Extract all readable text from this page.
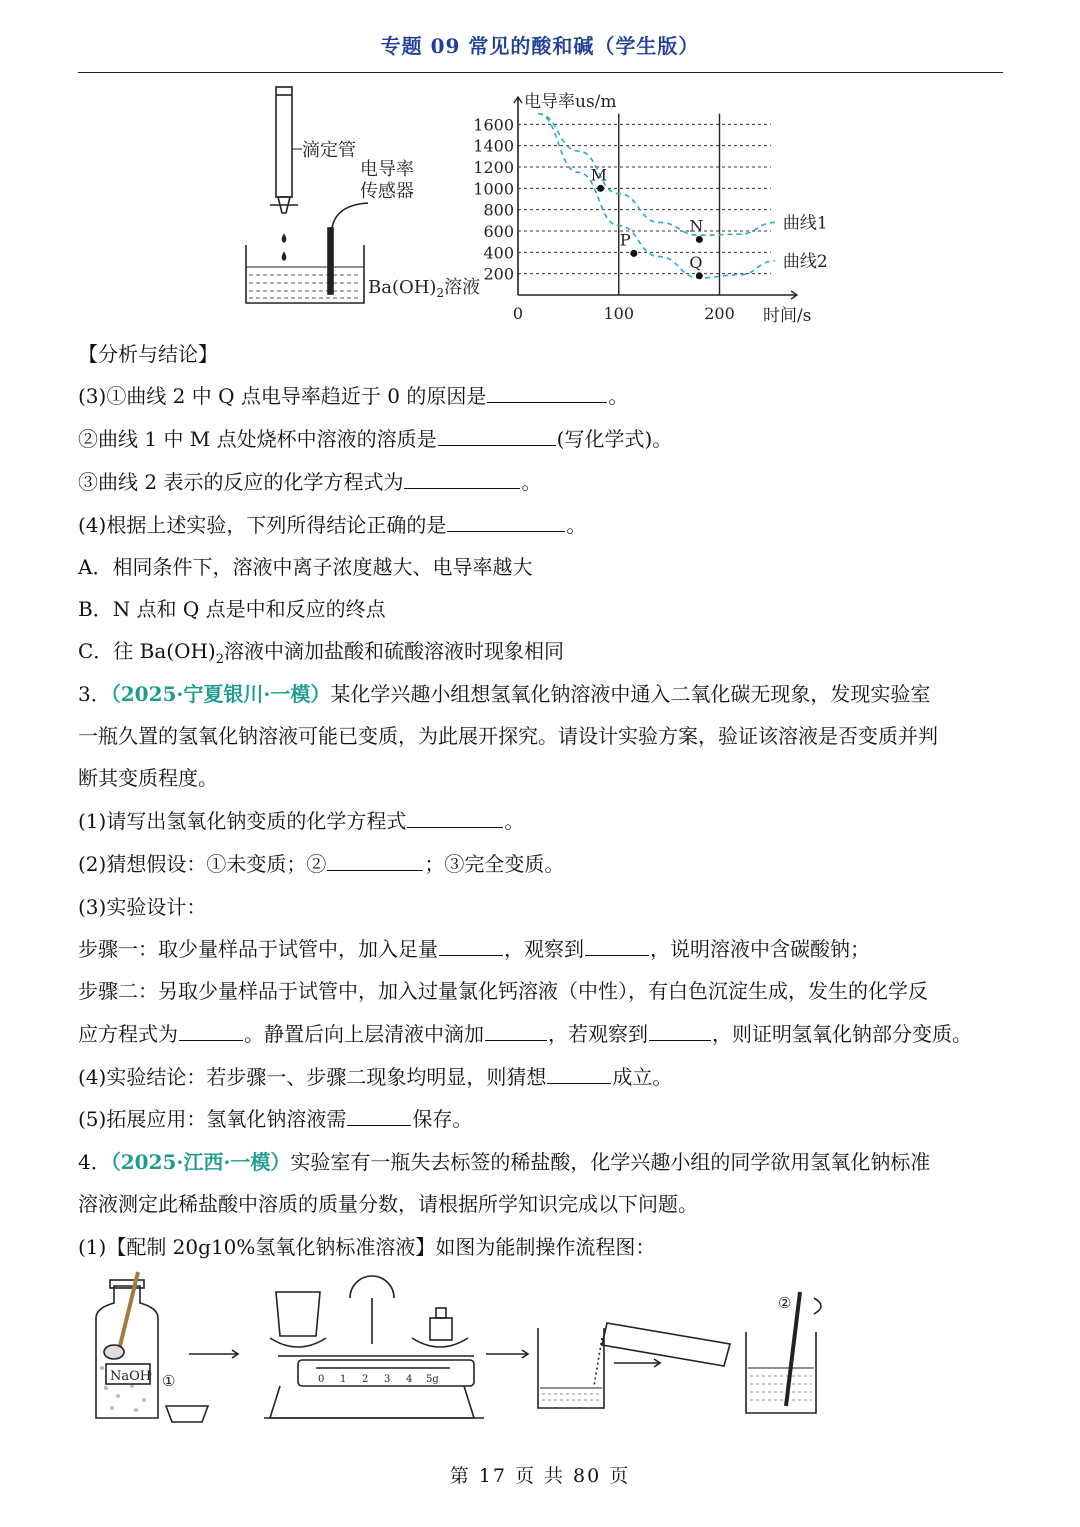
专题 09 常见的酸和碱（学生版）
滴定管
电导率
传感器
$Ba(OH)_2$溶液
电导率us/m
时间/s
200
400
600
800
1000
1200
1400
1600
0	100	200
曲线1
曲线2
M
N
P
Q
【分析与结论】
(3)①曲线 2 中 Q 点电导率趋近于 0 的原因是	。
②曲线 1 中 M 点处烧杯中溶液的溶质是	(写化学式)。
③曲线 2 表示的反应的化学方程式为	。
(4)根据上述实验，下列所得结论正确的是	。
A．相同条件下，溶液中离子浓度越大、电导率越大
B．N 点和 Q 点是中和反应的终点
C．往 $Ba(OH)_2$溶液中滴加盐酸和硫酸溶液时现象相同
3．（2025·宁夏银川·一模）某化学兴趣小组想氢氧化钠溶液中通入二氧化碳无现象，发现实验室
一瓶久置的氢氧化钠溶液可能已变质，为此展开探究。请设计实验方案，验证该溶液是否变质并判
断其变质程度。
(1)请写出氢氧化钠变质的化学方程式	。
(2)猜想假设：①未变质；②	；③完全变质。
(3)实验设计：
步骤一：取少量样品于试管中，加入足量	，观察到	，说明溶液中含碳酸钠；
步骤二：另取少量样品于试管中，加入过量氯化钙溶液（中性），有白色沉淀生成，发生的化学反
应方程式为	。静置后向上层清液中滴加	，若观察到	，则证明氢氧化钠部分变质。
(4)实验结论：若步骤一、步骤二现象均明显，则猜想	成立。
(5)拓展应用：氢氧化钠溶液需	保存。
4．（2025·江西·一模）实验室有一瓶失去标签的稀盐酸，化学兴趣小组的同学欲用氢氧化钠标准
溶液测定此稀盐酸中溶质的质量分数，请根据所学知识完成以下问题。
(1)【配制 20g10%氢氧化钠标准溶液】如图为能制操作流程图：
NaOH ①
②
0 1 2 3 4 5g
第 17 页 共 80 页
